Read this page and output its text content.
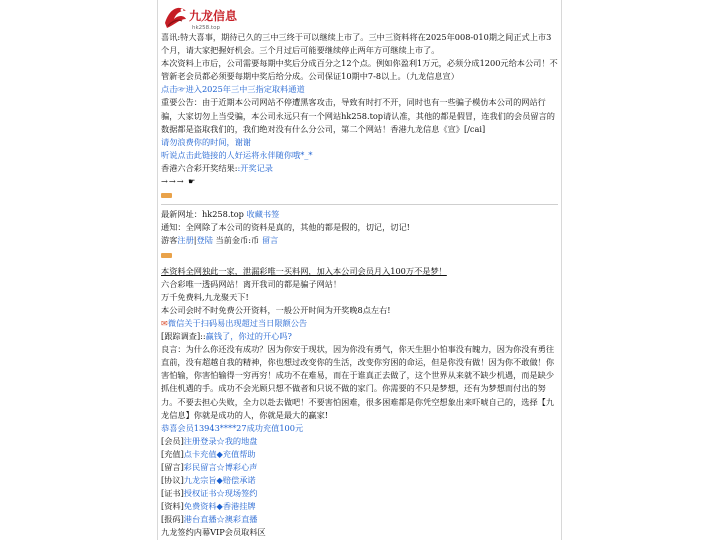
九龙信息
hk258.top

喜讯:特大喜事，期待已久的三中三终于可以继续上市了。三中三资料将在2025年008-010期之间正式上市3个月，请大家把握好机会。三个月过后可能要继续停止两年方可继续上市了。

本次资料上市后，公司需要每期中奖后分成百分之12个点。例如你盈利1万元，必须分成1200元给本公司！不管新老会员都必须要每期中奖后给分成。公司保证10期中7-8以上。（九龙信息宣）

点击☞进入2025年三中三指定取料通道

重要公告：由于近期本公司网站不停遭黑客攻击，导致有时打不开，同时也有一些骗子模仿本公司的网站行骗，大家切勿上当受骗，本公司永远只有一个网站hk258.top请认准，其他的都是假冒，连我们的会员留言的数据都是盗取我们的，我们绝对没有什么分公司，第二个网站！香港九龙信息《宣》[/cai]

请勿浪费你的时间，谢谢

听说点击此链接的人好运将永伴随你哦*_*

香港六合彩开奖结果::开奖记录

→→→ ☛

最新网址：hk258.top 收藏书签

通知：全网除了本公司的资料是真的，其他的都是假的，切记，切记!

游客注册|登陆 当前金币:币 留言

本资料全网独此一家，泄漏彩唯一买料网，加入本公司会员月入100万不是梦！

六合彩唯一透码网站！离开我司的都是骗子网站！

万千免费料,九龙聚天下!

本公司会时不时免费公开资料，一般公开时间为开奖晚8点左右!

✉微信关于扫码易出现超过当日限额公告

[跟踪调查]::赢钱了，你过的开心吗?

良言：为什么你还没有成功？因为你安于现状，因为你没有勇气，你天生胆小怕事没有魄力，因为你没有勇往直前，没有超越自我的精神，你也想过改变你的生活，改变你穷困的命运，但是你没有做！因为你不敢做！你害怕输，你害怕输得一穷再穷！成功不在难易，而在于谁真正去做了，这个世界从来就不缺少机遇，而是缺少抓住机遇的手。成功不会光顾只想不做者和只说不做的家门。你需要的不只是梦想，还有为梦想而付出的努力。不要去担心失败，全力以赴去做吧！不要害怕困难，很多困难都是你凭空想象出来吓唬自己的，选择【九龙信息】你就是成功的人，你就是最大的赢家!

恭喜会员13943****27成功充值100元

[会员]注册登录☆我的地盘

[充值]点卡充值◆充值帮助

[留言]彩民留言☆博彩心声

[协议]九龙宗旨◆赔偿承诺

[证书]授权证书☆现场签约

[资料]免费资料◆香港挂牌

[报码]港台直播☆澳彩直播

九龙签约内幕VIP会员取料区
